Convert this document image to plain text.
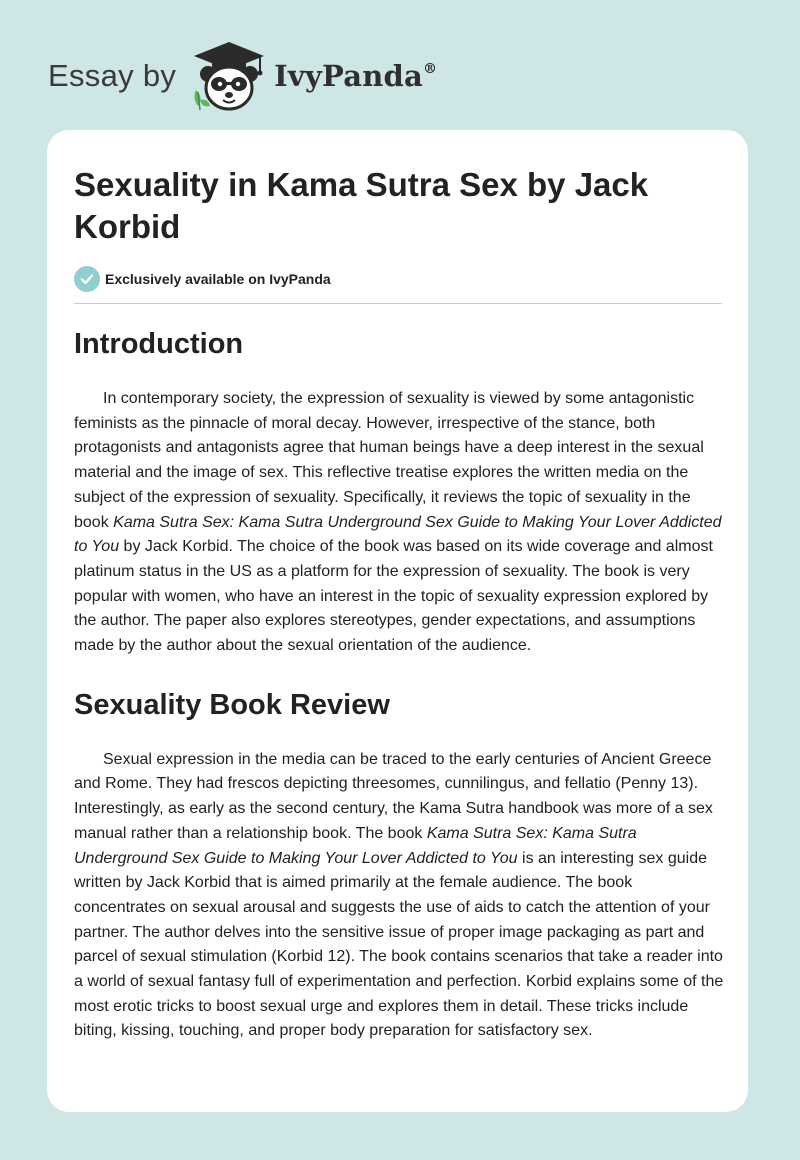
Essay by	IvyPanda®
Sexuality in Kama Sutra Sex by Jack Korbid
Exclusively available on IvyPanda
Introduction

In contemporary society, the expression of sexuality is viewed by some antagonistic feminists as the pinnacle of moral decay. However, irrespective of the stance, both protagonists and antagonists agree that human beings have a deep interest in the sexual material and the image of sex. This reflective treatise explores the written media on the subject of the expression of sexuality. Specifically, it reviews the topic of sexuality in the book Kama Sutra Sex: Kama Sutra Underground Sex Guide to Making Your Lover Addicted to You by Jack Korbid. The choice of the book was based on its wide coverage and almost platinum status in the US as a platform for the expression of sexuality. The book is very popular with women, who have an interest in the topic of sexuality expression explored by the author. The paper also explores stereotypes, gender expectations, and assumptions made by the author about the sexual orientation of the audience.

Sexuality Book Review

Sexual expression in the media can be traced to the early centuries of Ancient Greece and Rome. They had frescos depicting threesomes, cunnilingus, and fellatio (Penny 13). Interestingly, as early as the second century, the Kama Sutra handbook was more of a sex manual rather than a relationship book. The book Kama Sutra Sex: Kama Sutra Underground Sex Guide to Making Your Lover Addicted to You is an interesting sex guide written by Jack Korbid that is aimed primarily at the female audience. The book concentrates on sexual arousal and suggests the use of aids to catch the attention of your partner. The author delves into the sensitive issue of proper image packaging as part and parcel of sexual stimulation (Korbid 12). The book contains scenarios that take a reader into a world of sexual fantasy full of experimentation and perfection. Korbid explains some of the most erotic tricks to boost sexual urge and explores them in detail. These tricks include biting, kissing, touching, and proper body preparation for satisfactory sex.
